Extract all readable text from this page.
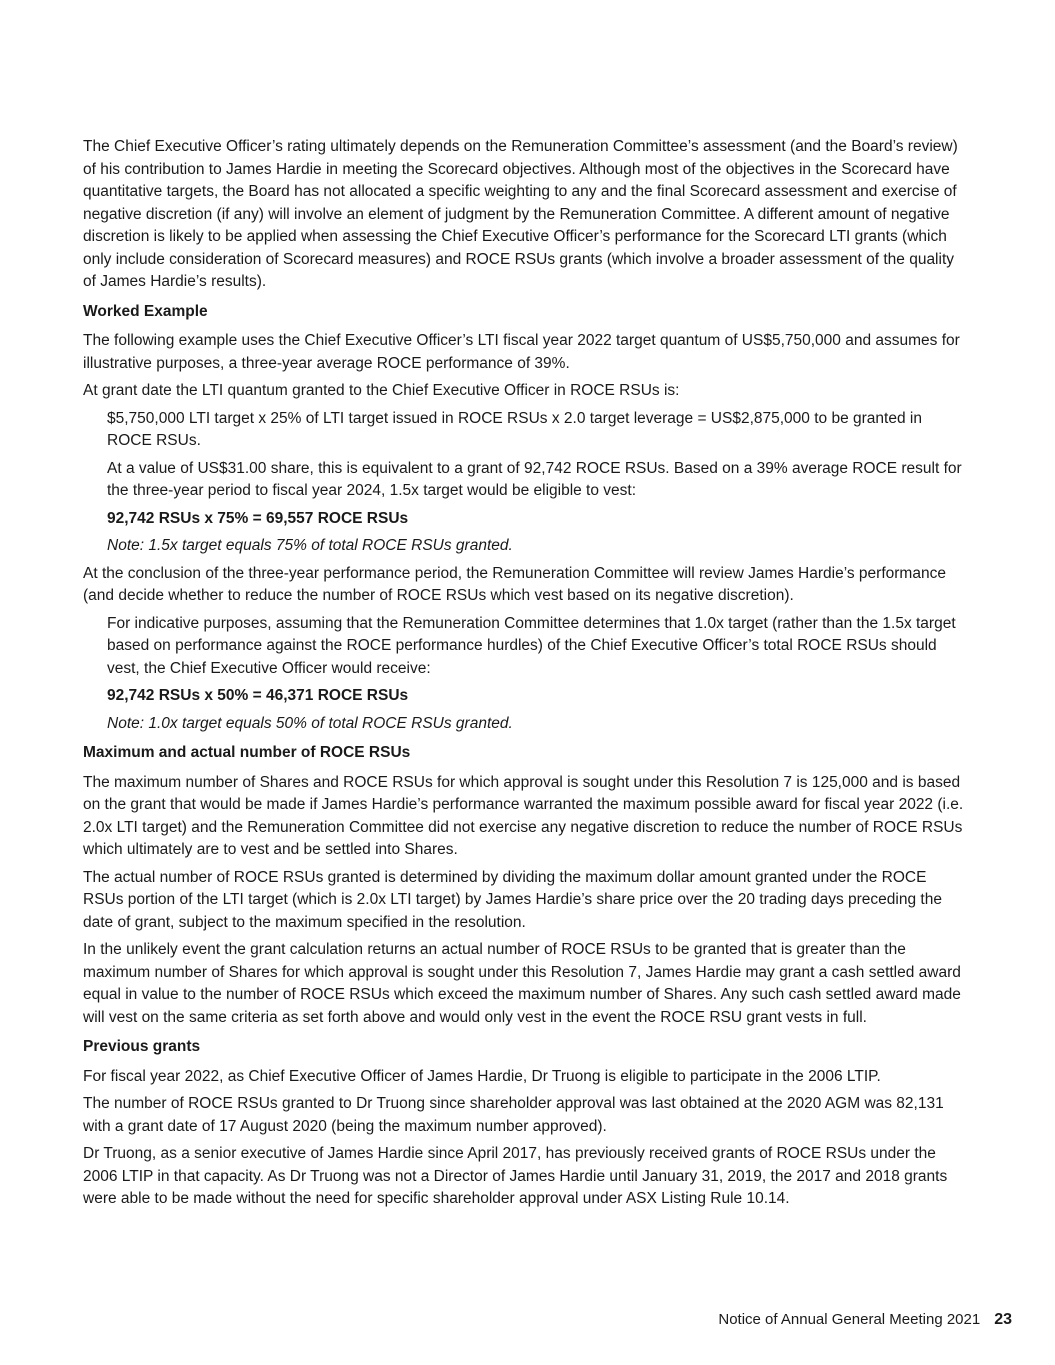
The Chief Executive Officer’s rating ultimately depends on the Remuneration Committee’s assessment (and the Board’s review) of his contribution to James Hardie in meeting the Scorecard objectives. Although most of the objectives in the Scorecard have quantitative targets, the Board has not allocated a specific weighting to any and the final Scorecard assessment and exercise of negative discretion (if any) will involve an element of judgment by the Remuneration Committee. A different amount of negative discretion is likely to be applied when assessing the Chief Executive Officer’s performance for the Scorecard LTI grants (which only include consideration of Scorecard measures) and ROCE RSUs grants (which involve a broader assessment of the quality of James Hardie’s results).

Worked Example

The following example uses the Chief Executive Officer’s LTI fiscal year 2022 target quantum of US$5,750,000 and assumes for illustrative purposes, a three-year average ROCE performance of 39%.

At grant date the LTI quantum granted to the Chief Executive Officer in ROCE RSUs is:

$5,750,000 LTI target x 25% of LTI target issued in ROCE RSUs x 2.0 target leverage = US$2,875,000 to be granted in ROCE RSUs.

At a value of US$31.00 share, this is equivalent to a grant of 92,742 ROCE RSUs. Based on a 39% average ROCE result for the three-year period to fiscal year 2024, 1.5x target would be eligible to vest:

92,742 RSUs x 75% = 69,557 ROCE RSUs

Note: 1.5x target equals 75% of total ROCE RSUs granted.

At the conclusion of the three-year performance period, the Remuneration Committee will review James Hardie’s performance (and decide whether to reduce the number of ROCE RSUs which vest based on its negative discretion).

For indicative purposes, assuming that the Remuneration Committee determines that 1.0x target (rather than the 1.5x target based on performance against the ROCE performance hurdles) of the Chief Executive Officer’s total ROCE RSUs should vest, the Chief Executive Officer would receive:

92,742 RSUs x 50% = 46,371 ROCE RSUs

Note: 1.0x target equals 50% of total ROCE RSUs granted.

Maximum and actual number of ROCE RSUs

The maximum number of Shares and ROCE RSUs for which approval is sought under this Resolution 7 is 125,000 and is based on the grant that would be made if James Hardie’s performance warranted the maximum possible award for fiscal year 2022 (i.e. 2.0x LTI target) and the Remuneration Committee did not exercise any negative discretion to reduce the number of ROCE RSUs which ultimately are to vest and be settled into Shares.

The actual number of ROCE RSUs granted is determined by dividing the maximum dollar amount granted under the ROCE RSUs portion of the LTI target (which is 2.0x LTI target) by James Hardie’s share price over the 20 trading days preceding the date of grant, subject to the maximum specified in the resolution.

In the unlikely event the grant calculation returns an actual number of ROCE RSUs to be granted that is greater than the maximum number of Shares for which approval is sought under this Resolution 7, James Hardie may grant a cash settled award equal in value to the number of ROCE RSUs which exceed the maximum number of Shares. Any such cash settled award made will vest on the same criteria as set forth above and would only vest in the event the ROCE RSU grant vests in full.

Previous grants

For fiscal year 2022, as Chief Executive Officer of James Hardie, Dr Truong is eligible to participate in the 2006 LTIP.

The number of ROCE RSUs granted to Dr Truong since shareholder approval was last obtained at the 2020 AGM was 82,131 with a grant date of 17 August 2020 (being the maximum number approved).

Dr Truong, as a senior executive of James Hardie since April 2017, has previously received grants of ROCE RSUs under the 2006 LTIP in that capacity. As Dr Truong was not a Director of James Hardie until January 31, 2019, the 2017 and 2018 grants were able to be made without the need for specific shareholder approval under ASX Listing Rule 10.14.

Notice of Annual General Meeting 2021 23
